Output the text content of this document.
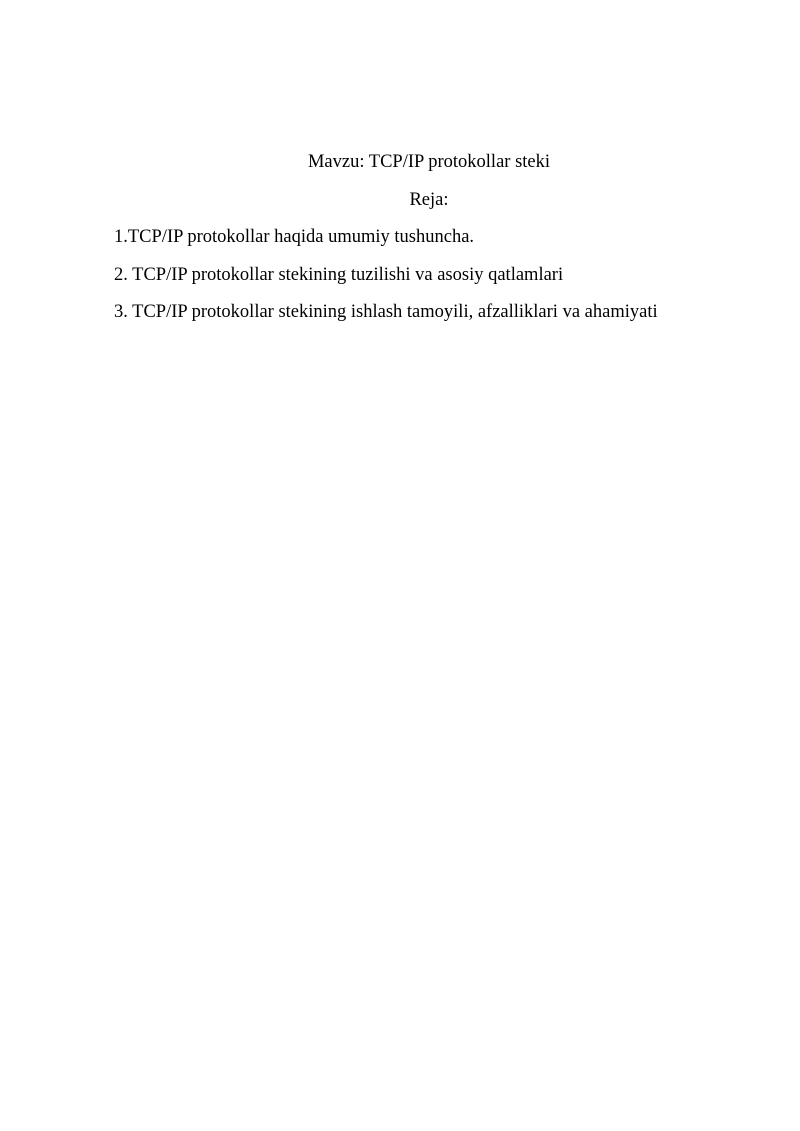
Mavzu: TCP/IP protokollar steki
Reja:
1.TCP/IP protokollar haqida umumiy tushuncha.
2. TCP/IP protokollar stekining tuzilishi va asosiy qatlamlari
3. TCP/IP protokollar stekining ishlash tamoyili, afzalliklari va ahamiyati
